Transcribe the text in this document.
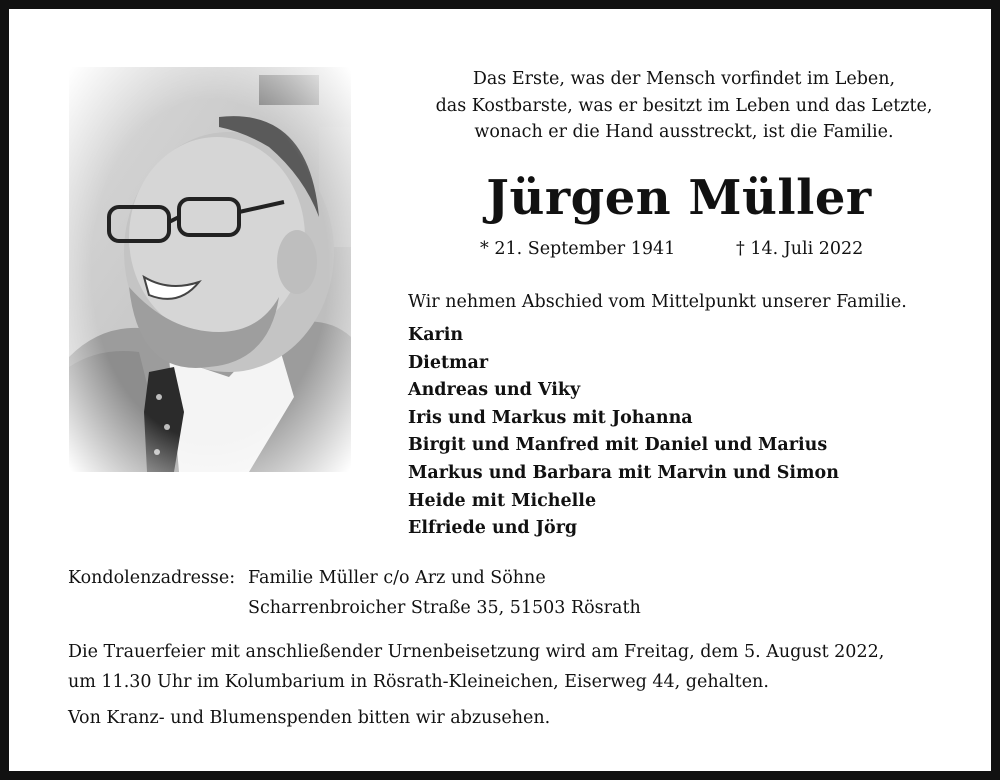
Das Erste, was der Mensch vorfindet im Leben,
das Kostbarste, was er besitzt im Leben und das Letzte,
wonach er die Hand ausstreckt, ist die Familie.
Jürgen Müller
* 21. September 1941	† 14. Juli 2022
Wir nehmen Abschied vom Mittelpunkt unserer Familie.
Karin
Dietmar
Andreas und Viky
Iris und Markus mit Johanna
Birgit und Manfred mit Daniel und Marius
Markus und Barbara mit Marvin und Simon
Heide mit Michelle
Elfriede und Jörg
Kondolenzadresse: Familie Müller c/o Arz und Söhne
Scharrenbroicher Straße 35, 51503 Rösrath
Die Trauerfeier mit anschließender Urnenbeisetzung wird am Freitag, dem 5. August 2022,
um 11.30 Uhr im Kolumbarium in Rösrath-Kleineichen, Eiserweg 44, gehalten.
Von Kranz- und Blumenspenden bitten wir abzusehen.
